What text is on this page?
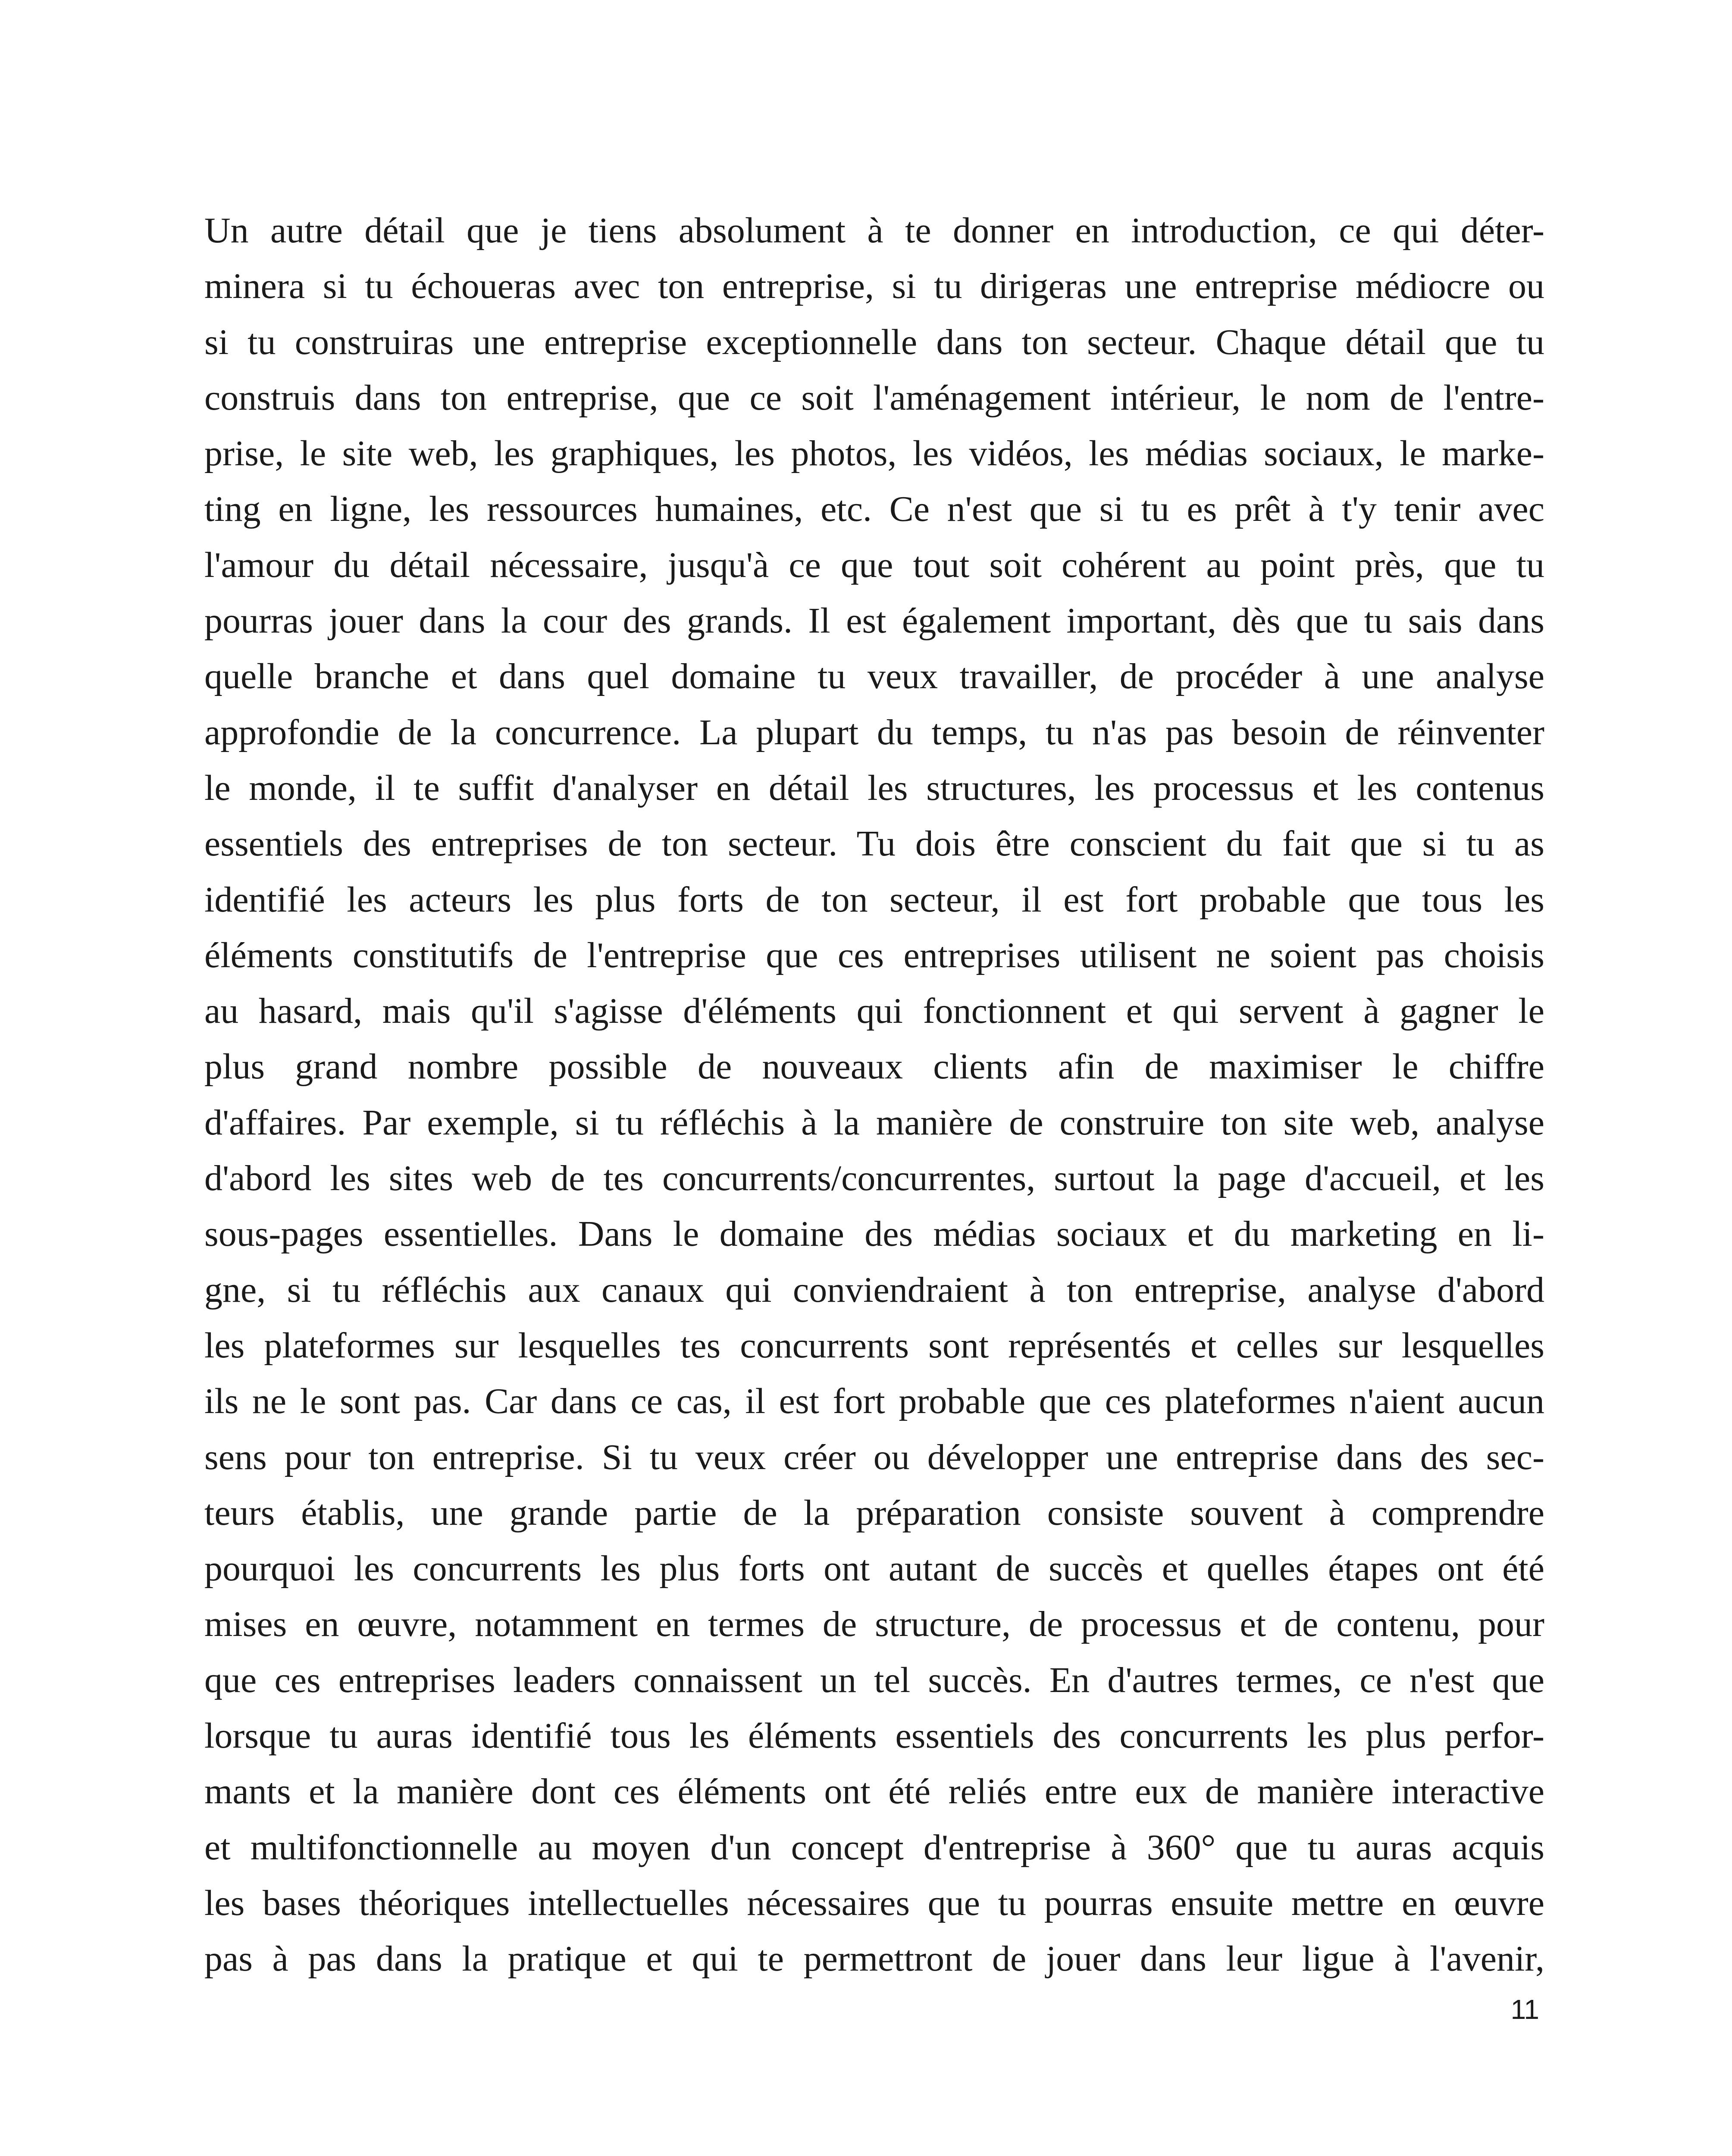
Un autre détail que je tiens absolument à te donner en introduction, ce qui déter-
minera si tu échoueras avec ton entreprise, si tu dirigeras une entreprise médiocre ou
si tu construiras une entreprise exceptionnelle dans ton secteur. Chaque détail que tu
construis dans ton entreprise, que ce soit l'aménagement intérieur, le nom de l'entre-
prise, le site web, les graphiques, les photos, les vidéos, les médias sociaux, le marke-
ting en ligne, les ressources humaines, etc. Ce n'est que si tu es prêt à t'y tenir avec
l'amour du détail nécessaire, jusqu'à ce que tout soit cohérent au point près, que tu
pourras jouer dans la cour des grands. Il est également important, dès que tu sais dans
quelle branche et dans quel domaine tu veux travailler, de procéder à une analyse
approfondie de la concurrence. La plupart du temps, tu n'as pas besoin de réinventer
le monde, il te suffit d'analyser en détail les structures, les processus et les contenus
essentiels des entreprises de ton secteur. Tu dois être conscient du fait que si tu as
identifié les acteurs les plus forts de ton secteur, il est fort probable que tous les
éléments constitutifs de l'entreprise que ces entreprises utilisent ne soient pas choisis
au hasard, mais qu'il s'agisse d'éléments qui fonctionnent et qui servent à gagner le
plus grand nombre possible de nouveaux clients afin de maximiser le chiffre
d'affaires. Par exemple, si tu réfléchis à la manière de construire ton site web, analyse
d'abord les sites web de tes concurrents/concurrentes, surtout la page d'accueil, et les
sous-pages essentielles. Dans le domaine des médias sociaux et du marketing en li-
gne, si tu réfléchis aux canaux qui conviendraient à ton entreprise, analyse d'abord
les plateformes sur lesquelles tes concurrents sont représentés et celles sur lesquelles
ils ne le sont pas. Car dans ce cas, il est fort probable que ces plateformes n'aient aucun
sens pour ton entreprise. Si tu veux créer ou développer une entreprise dans des sec-
teurs établis, une grande partie de la préparation consiste souvent à comprendre
pourquoi les concurrents les plus forts ont autant de succès et quelles étapes ont été
mises en œuvre, notamment en termes de structure, de processus et de contenu, pour
que ces entreprises leaders connaissent un tel succès. En d'autres termes, ce n'est que
lorsque tu auras identifié tous les éléments essentiels des concurrents les plus perfor-
mants et la manière dont ces éléments ont été reliés entre eux de manière interactive
et multifonctionnelle au moyen d'un concept d'entreprise à 360° que tu auras acquis
les bases théoriques intellectuelles nécessaires que tu pourras ensuite mettre en œuvre
pas à pas dans la pratique et qui te permettront de jouer dans leur ligue à l'avenir,

11
